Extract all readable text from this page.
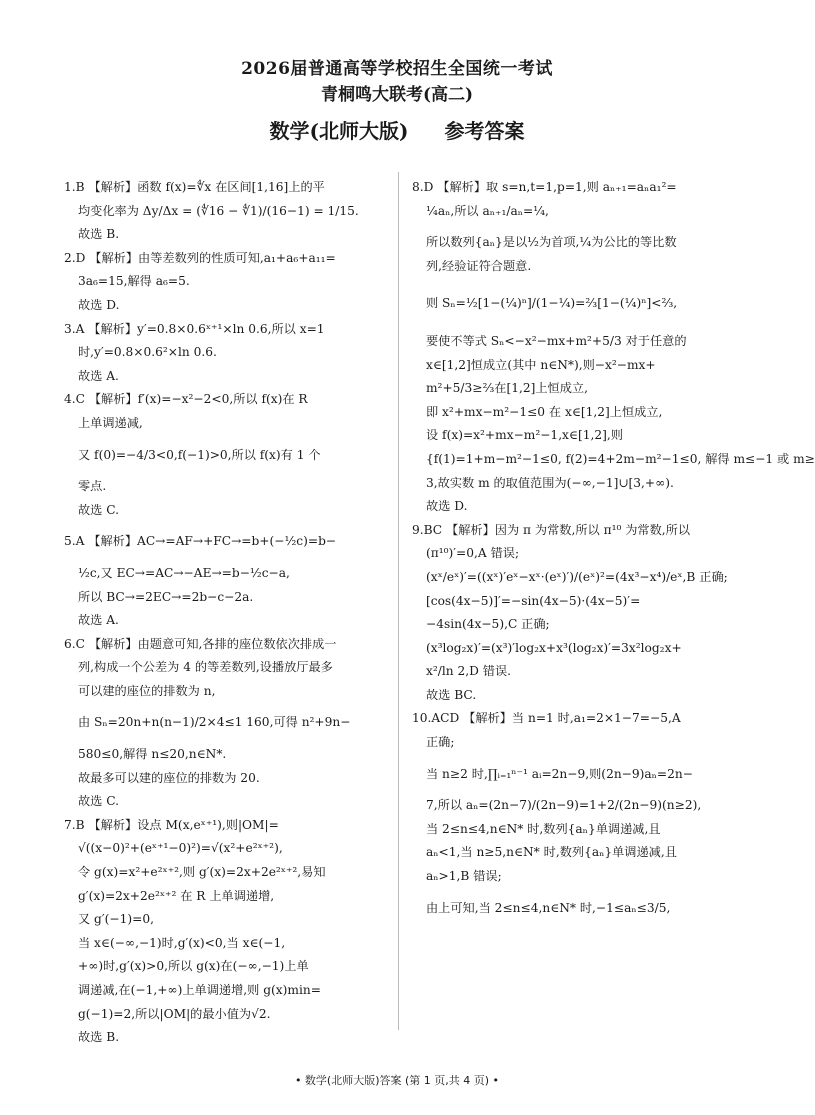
2026届普通高等学校招生全国统一考试
青桐鸣大联考(高二)
数学(北师大版) 参考答案
1.B 【解析】函数 f(x)=∜x 在区间[1,16]上的平
均变化率为 Δy/Δx = (∜16 − ∜1)/(16−1) = 1/15.
故选 B.
2.D 【解析】由等差数列的性质可知,a₁+a₆+a₁₁=
3a₆=15,解得 a₆=5.
故选 D.
3.A 【解析】y′=0.8×0.6ˣ⁺¹×ln 0.6,所以 x=1
时,y′=0.8×0.6²×ln 0.6.
故选 A.
4.C 【解析】f′(x)=−x²−2<0,所以 f(x)在 R
上单调递减,
又 f(0)=−4/3<0,f(−1)>0,所以 f(x)有 1 个
零点.
故选 C.
5.A 【解析】AC→=AF→+FC→=b+(−½c)=b−
½c,又 EC→=AC→−AE→=b−½c−a,
所以 BC→=2EC→=2b−c−2a.
故选 A.
6.C 【解析】由题意可知,各排的座位数依次排成一
列,构成一个公差为 4 的等差数列,设播放厅最多
可以建的座位的排数为 n,
由 Sₙ=20n+n(n−1)/2×4≤1 160,可得 n²+9n−
580≤0,解得 n≤20,n∈N*.
故最多可以建的座位的排数为 20.
故选 C.
7.B 【解析】设点 M(x,eˣ⁺¹),则|OM|=
√((x−0)²+(eˣ⁺¹−0)²)=√(x²+e²ˣ⁺²),
令 g(x)=x²+e²ˣ⁺²,则 g′(x)=2x+2e²ˣ⁺²,易知
g′(x)=2x+2e²ˣ⁺² 在 R 上单调递增,
又 g′(−1)=0,
当 x∈(−∞,−1)时,g′(x)<0,当 x∈(−1,
+∞)时,g′(x)>0,所以 g(x)在(−∞,−1)上单
调递减,在(−1,+∞)上单调递增,则 g(x)min=
g(−1)=2,所以|OM|的最小值为√2.
故选 B.
8.D 【解析】取 s=n,t=1,p=1,则 aₙ₊₁=aₙa₁²=
¼aₙ,所以 aₙ₊₁/aₙ=¼,
所以数列{aₙ}是以½为首项,¼为公比的等比数
列,经验证符合题意.
则 Sₙ=½[1−(¼)ⁿ]/(1−¼)=⅔[1−(¼)ⁿ]<⅔,
要使不等式 Sₙ<−x²−mx+m²+5/3 对于任意的
x∈[1,2]恒成立(其中 n∈N*),则−x²−mx+
m²+5/3≥⅔在[1,2]上恒成立,
即 x²+mx−m²−1≤0 在 x∈[1,2]上恒成立,
设 f(x)=x²+mx−m²−1,x∈[1,2],则
{f(1)=1+m−m²−1≤0, f(2)=4+2m−m²−1≤0, 解得 m≤−1 或 m≥
3,故实数 m 的取值范围为(−∞,−1]∪[3,+∞).
故选 D.
9.BC 【解析】因为 π 为常数,所以 π¹⁰ 为常数,所以
(π¹⁰)′=0,A 错误;
(xˣ/eˣ)′=((xˣ)′eˣ−xˣ·(eˣ)′)/(eˣ)²=(4x³−x⁴)/eˣ,B 正确;
[cos(4x−5)]′=−sin(4x−5)·(4x−5)′=
−4sin(4x−5),C 正确;
(x³log₂x)′=(x³)′log₂x+x³(log₂x)′=3x²log₂x+
x²/ln 2,D 错误.
故选 BC.
10.ACD 【解析】当 n=1 时,a₁=2×1−7=−5,A
正确;
当 n≥2 时,∏ᵢ₌₁ⁿ⁻¹ aᵢ=2n−9,则(2n−9)aₙ=2n−
7,所以 aₙ=(2n−7)/(2n−9)=1+2/(2n−9)(n≥2),
当 2≤n≤4,n∈N* 时,数列{aₙ}单调递减,且
aₙ<1,当 n≥5,n∈N* 时,数列{aₙ}单调递减,且
aₙ>1,B 错误;
由上可知,当 2≤n≤4,n∈N* 时,−1≤aₙ≤3/5,
• 数学(北师大版)答案 (第 1 页,共 4 页) •
